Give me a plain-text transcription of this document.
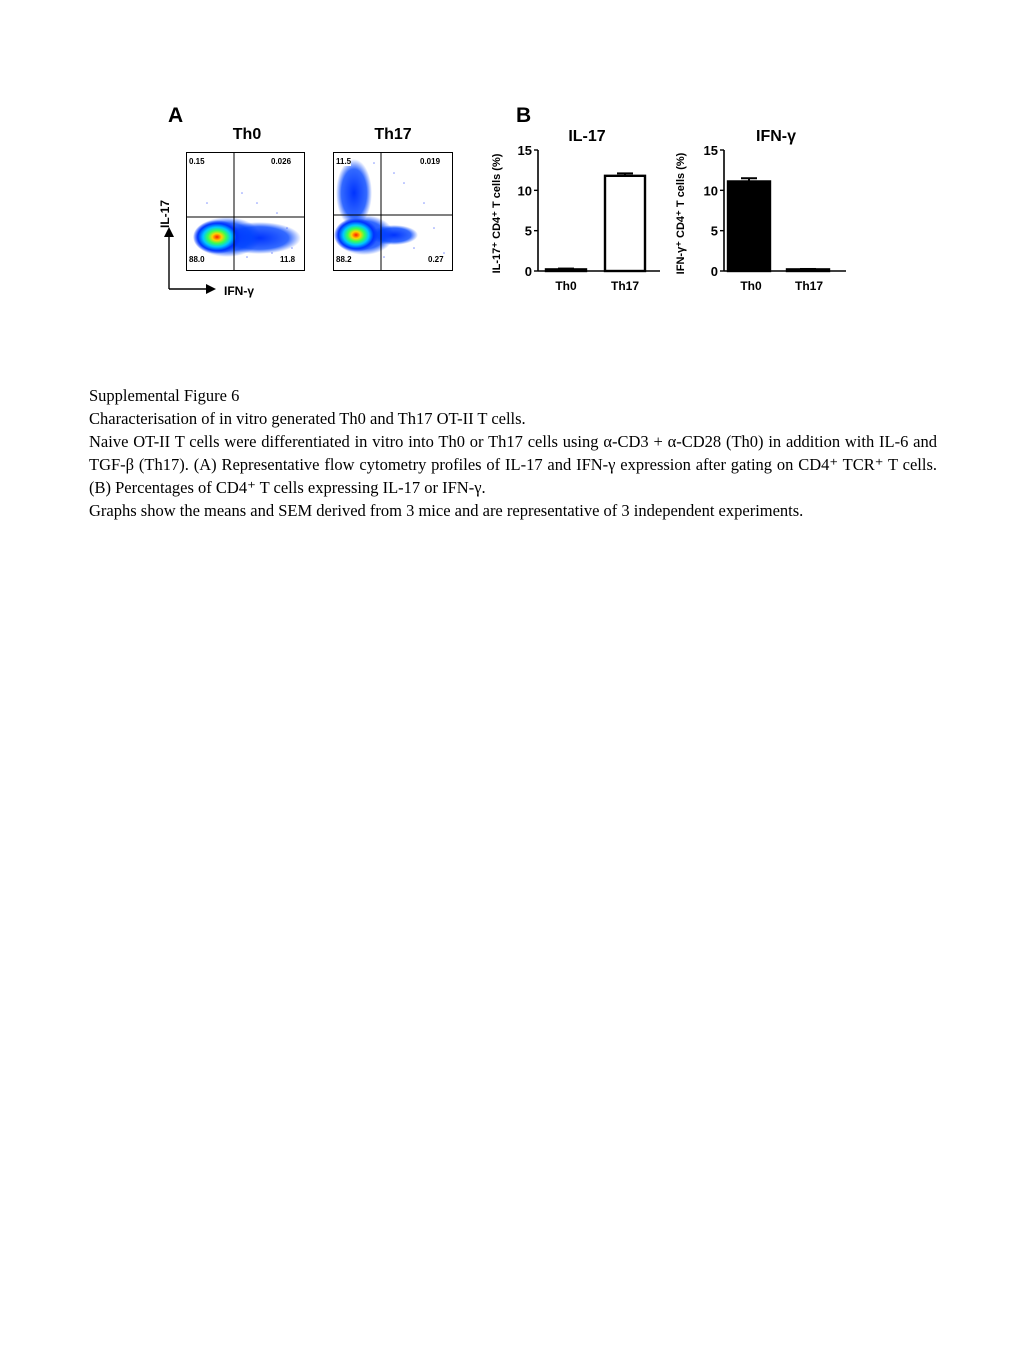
A
Th0	Th17
0.15	0.026
88.0	11.8
11.5	0.019
88.2	0.27
IL-17
IFN-γ
B
IL-17
IL-17⁺ CD4⁺ T cells (%) 0
5
10
15
Th0	Th17
IFN-γ
IFN-γ⁺ CD4⁺ T cells (%) 0
5
10
15
Th0	Th17
Supplemental Figure 6
Characterisation of in vitro generated Th0 and Th17 OT-II T cells.
Naive OT-II T cells were differentiated in vitro into Th0 or Th17 cells using α-CD3 + α-CD28 (Th0) in addition with IL-6 and TGF-β (Th17). (A) Representative flow cytometry profiles of IL-17 and IFN-γ expression after gating on CD4⁺ TCR⁺ T cells. (B) Percentages of CD4⁺ T cells expressing IL-17 or IFN-γ.
Graphs show the means and SEM derived from 3 mice and are representative of 3 independent experiments.
